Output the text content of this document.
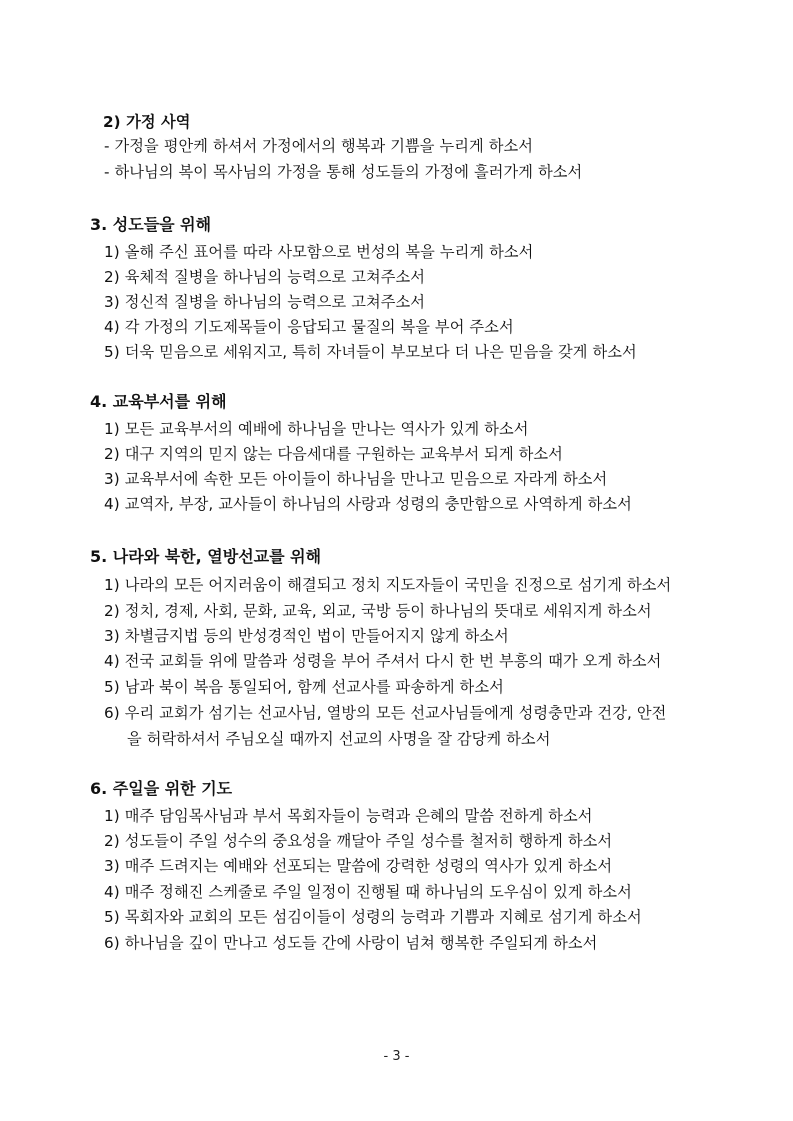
2) 가정 사역
- 가정을 평안케 하셔서 가정에서의 행복과 기쁨을 누리게 하소서
- 하나님의 복이 목사님의 가정을 통해 성도들의 가정에 흘러가게 하소서
3. 성도들을 위해
1) 올해 주신 표어를 따라 사모함으로 번성의 복을 누리게 하소서
2) 육체적 질병을 하나님의 능력으로 고쳐주소서
3) 정신적 질병을 하나님의 능력으로 고쳐주소서
4) 각 가정의 기도제목들이 응답되고 물질의 복을 부어 주소서
5) 더욱 믿음으로 세워지고, 특히 자녀들이 부모보다 더 나은 믿음을 갖게 하소서
4. 교육부서를 위해
1) 모든 교육부서의 예배에 하나님을 만나는 역사가 있게 하소서
2) 대구 지역의 믿지 않는 다음세대를 구원하는 교육부서 되게 하소서
3) 교육부서에 속한 모든 아이들이 하나님을 만나고 믿음으로 자라게 하소서
4) 교역자, 부장, 교사들이 하나님의 사랑과 성령의 충만함으로 사역하게 하소서
5. 나라와 북한, 열방선교를 위해
1) 나라의 모든 어지러움이 해결되고 정치 지도자들이 국민을 진정으로 섬기게 하소서
2) 정치, 경제, 사회, 문화, 교육, 외교, 국방 등이 하나님의 뜻대로 세워지게 하소서
3) 차별금지법 등의 반성경적인 법이 만들어지지 않게 하소서
4) 전국 교회들 위에 말씀과 성령을 부어 주셔서 다시 한 번 부흥의 때가 오게 하소서
5) 남과 북이 복음 통일되어, 함께 선교사를 파송하게 하소서
6) 우리 교회가 섬기는 선교사님, 열방의 모든 선교사님들에게 성령충만과 건강, 안전
을 허락하셔서 주님오실 때까지 선교의 사명을 잘 감당케 하소서
6. 주일을 위한 기도
1) 매주 담임목사님과 부서 목회자들이 능력과 은혜의 말씀 전하게 하소서
2) 성도들이 주일 성수의 중요성을 깨달아 주일 성수를 철저히 행하게 하소서
3) 매주 드려지는 예배와 선포되는 말씀에 강력한 성령의 역사가 있게 하소서
4) 매주 정해진 스케줄로 주일 일정이 진행될 때 하나님의 도우심이 있게 하소서
5) 목회자와 교회의 모든 섬김이들이 성령의 능력과 기쁨과 지혜로 섬기게 하소서
6) 하나님을 깊이 만나고 성도들 간에 사랑이 넘쳐 행복한 주일되게 하소서
- 3 -
